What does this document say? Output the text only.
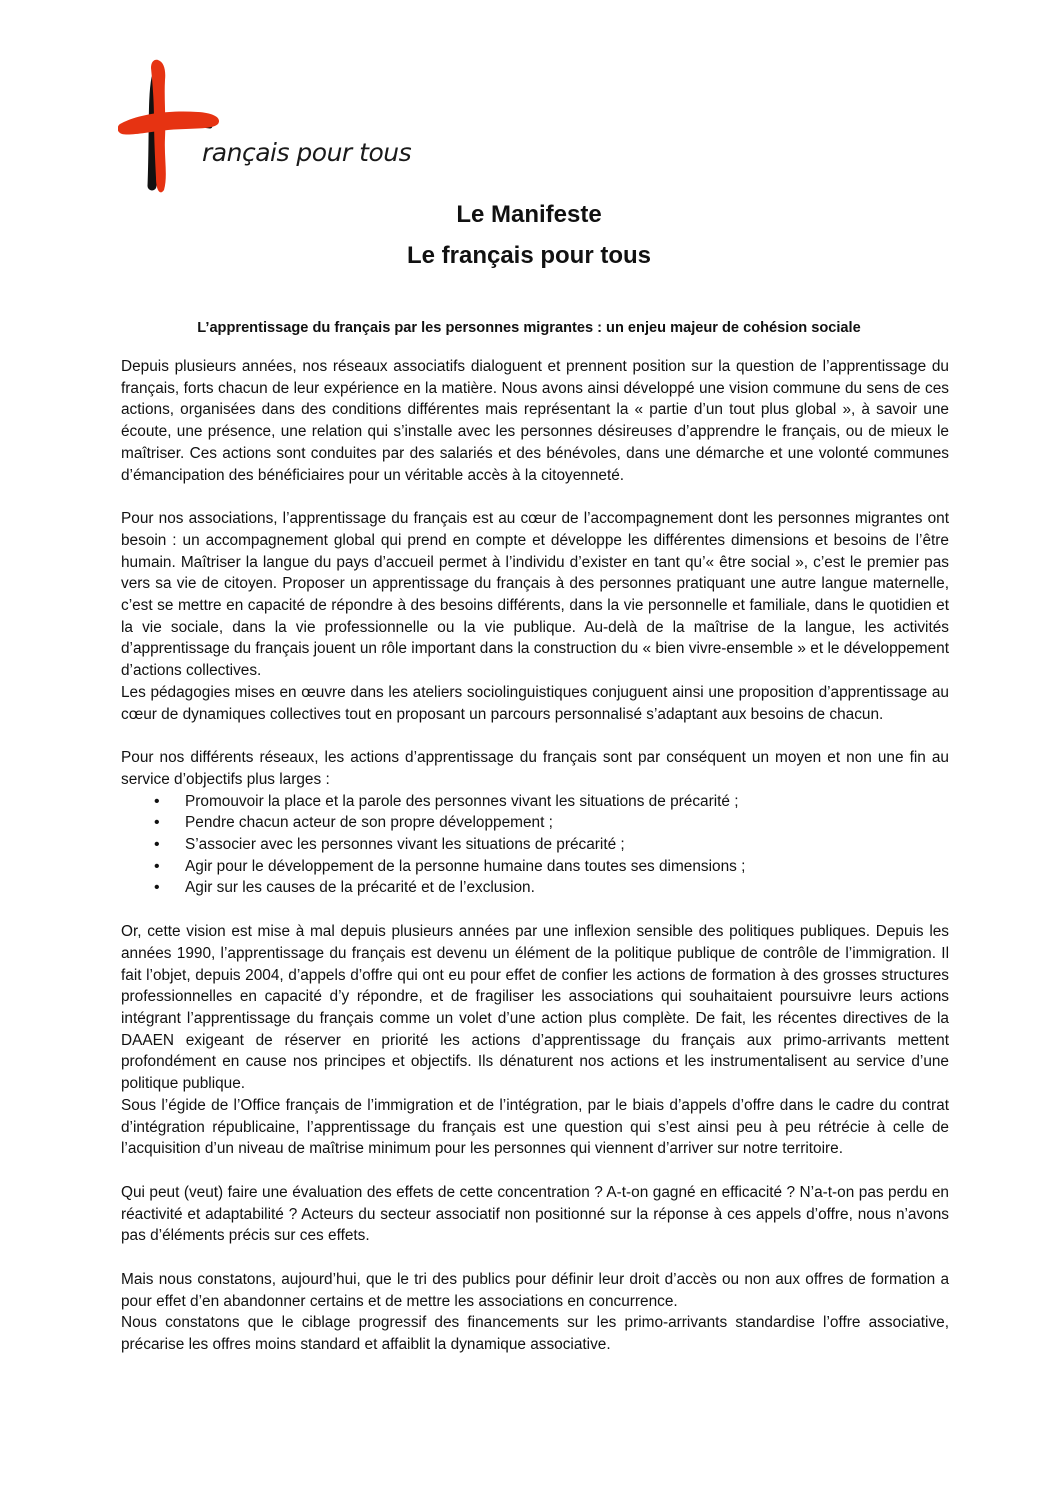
rançais pour tous
Le Manifeste
Le français pour tous
L’apprentissage du français par les personnes migrantes : un enjeu majeur de cohésion sociale

Depuis plusieurs années, nos réseaux associatifs dialoguent et prennent position sur la question de l’apprentissage du français, forts chacun de leur expérience en la matière. Nous avons ainsi développé une vision commune du sens de ces actions, organisées dans des conditions différentes mais représentant la « partie d’un tout plus global », à savoir une écoute, une présence, une relation qui s’installe avec les personnes désireuses d’apprendre le français, ou de mieux le maîtriser. Ces actions sont conduites par des salariés et des bénévoles, dans une démarche et une volonté communes d’émancipation des bénéficiaires pour un véritable accès à la citoyenneté.

Pour nos associations, l’apprentissage du français est au cœur de l’accompagnement dont les personnes migrantes ont besoin : un accompagnement global qui prend en compte et développe les différentes dimensions et besoins de l’être humain. Maîtriser la langue du pays d’accueil permet à l’individu d’exister en tant qu’« être social », c’est le premier pas vers sa vie de citoyen. Proposer un apprentissage du français à des personnes pratiquant une autre langue maternelle, c’est se mettre en capacité de répondre à des besoins différents, dans la vie personnelle et familiale, dans le quotidien et la vie sociale, dans la vie professionnelle ou la vie publique. Au-delà de la maîtrise de la langue, les activités d’apprentissage du français jouent un rôle important dans la construction du « bien vivre-ensemble » et le développement d’actions collectives.

Les pédagogies mises en œuvre dans les ateliers sociolinguistiques conjuguent ainsi une proposition d’apprentissage au cœur de dynamiques collectives tout en proposant un parcours personnalisé s’adaptant aux besoins de chacun.

Pour nos différents réseaux, les actions d’apprentissage du français sont par conséquent un moyen et non une fin au service d’objectifs plus larges :

• Promouvoir la place et la parole des personnes vivant les situations de précarité ;
• Pendre chacun acteur de son propre développement ;
• S’associer avec les personnes vivant les situations de précarité ;
• Agir pour le développement de la personne humaine dans toutes ses dimensions ;
• Agir sur les causes de la précarité et de l’exclusion.

Or, cette vision est mise à mal depuis plusieurs années par une inflexion sensible des politiques publiques. Depuis les années 1990, l’apprentissage du français est devenu un élément de la politique publique de contrôle de l’immigration. Il fait l’objet, depuis 2004, d’appels d’offre qui ont eu pour effet de confier les actions de formation à des grosses structures professionnelles en capacité d’y répondre, et de fragiliser les associations qui souhaitaient poursuivre leurs actions intégrant l’apprentissage du français comme un volet d’une action plus complète. De fait, les récentes directives de la DAAEN exigeant de réserver en priorité les actions d’apprentissage du français aux primo-arrivants mettent profondément en cause nos principes et objectifs. Ils dénaturent nos actions et les instrumentalisent au service d’une politique publique.

Sous l’égide de l’Office français de l’immigration et de l’intégration, par le biais d’appels d’offre dans le cadre du contrat d’intégration républicaine, l’apprentissage du français est une question qui s’est ainsi peu à peu rétrécie à celle de l’acquisition d’un niveau de maîtrise minimum pour les personnes qui viennent d’arriver sur notre territoire.

Qui peut (veut) faire une évaluation des effets de cette concentration ? A-t-on gagné en efficacité ? N’a-t-on pas perdu en réactivité et adaptabilité ? Acteurs du secteur associatif non positionné sur la réponse à ces appels d’offre, nous n’avons pas d’éléments précis sur ces effets.

Mais nous constatons, aujourd’hui, que le tri des publics pour définir leur droit d’accès ou non aux offres de formation a pour effet d’en abandonner certains et de mettre les associations en concurrence.

Nous constatons que le ciblage progressif des financements sur les primo-arrivants standardise l’offre associative, précarise les offres moins standard et affaiblit la dynamique associative.
